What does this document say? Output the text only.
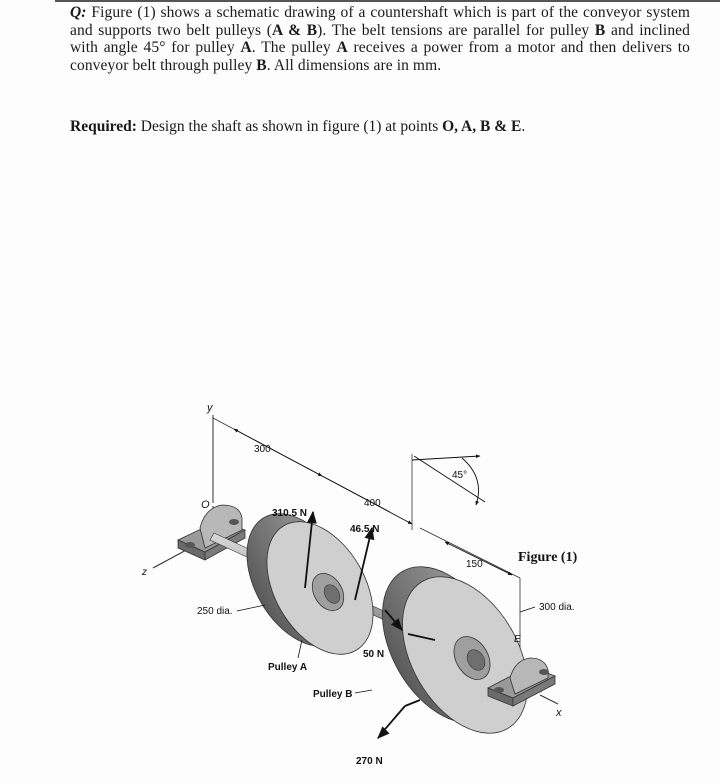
Q: Figure (1) shows a schematic drawing of a countershaft which is part of the conveyor system and supports two belt pulleys (A & B). The belt tensions are parallel for pulley B and inclined with angle 45° for pulley A. The pulley A receives a power from a motor and then delivers to conveyor belt through pulley B. All dimensions are in mm.
Required: Design the shaft as shown in figure (1) at points O, A, B & E.
y
z
x
300
400
45°
150
O
E
310.5 N
46.5 N
50 N
270 N
250 dia.	300 dia.
Pulley A
Pulley B
Figure (1)
